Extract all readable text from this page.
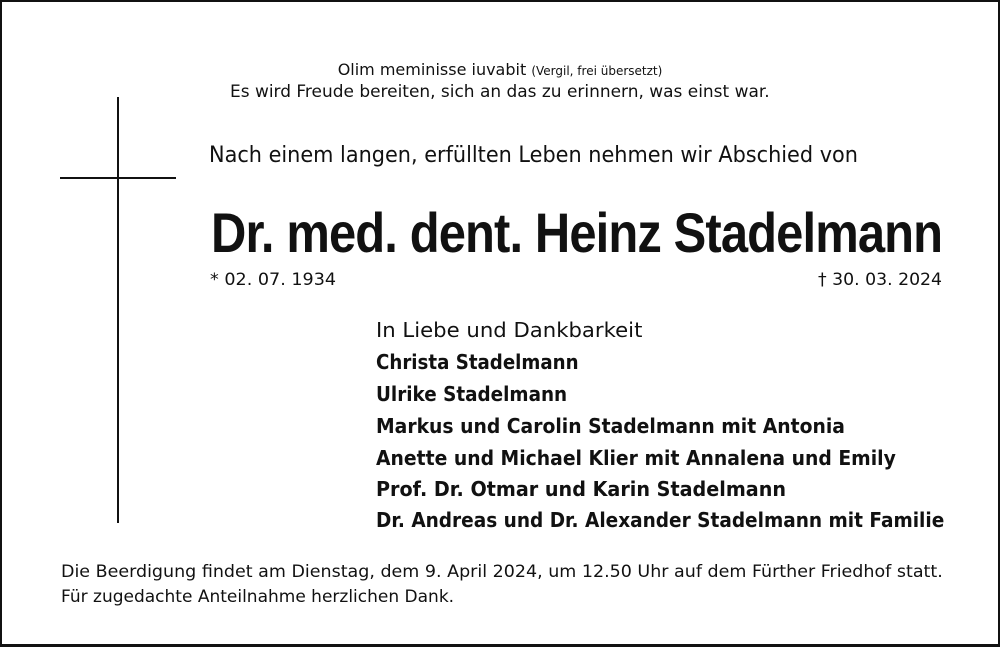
Olim meminisse iuvabit (Vergil, frei übersetzt)
Es wird Freude bereiten, sich an das zu erinnern, was einst war.
Nach einem langen, erfüllten Leben nehmen wir Abschied von
Dr. med. dent. Heinz Stadelmann
* 02. 07. 1934	† 30. 03. 2024
In Liebe und Dankbarkeit
Christa Stadelmann
Ulrike Stadelmann
Markus und Carolin Stadelmann mit Antonia
Anette und Michael Klier mit Annalena und Emily
Prof. Dr. Otmar und Karin Stadelmann
Dr. Andreas und Dr. Alexander Stadelmann mit Familie
Die Beerdigung findet am Dienstag, dem 9. April 2024, um 12.50 Uhr auf dem Fürther Friedhof statt.
Für zugedachte Anteilnahme herzlichen Dank.
